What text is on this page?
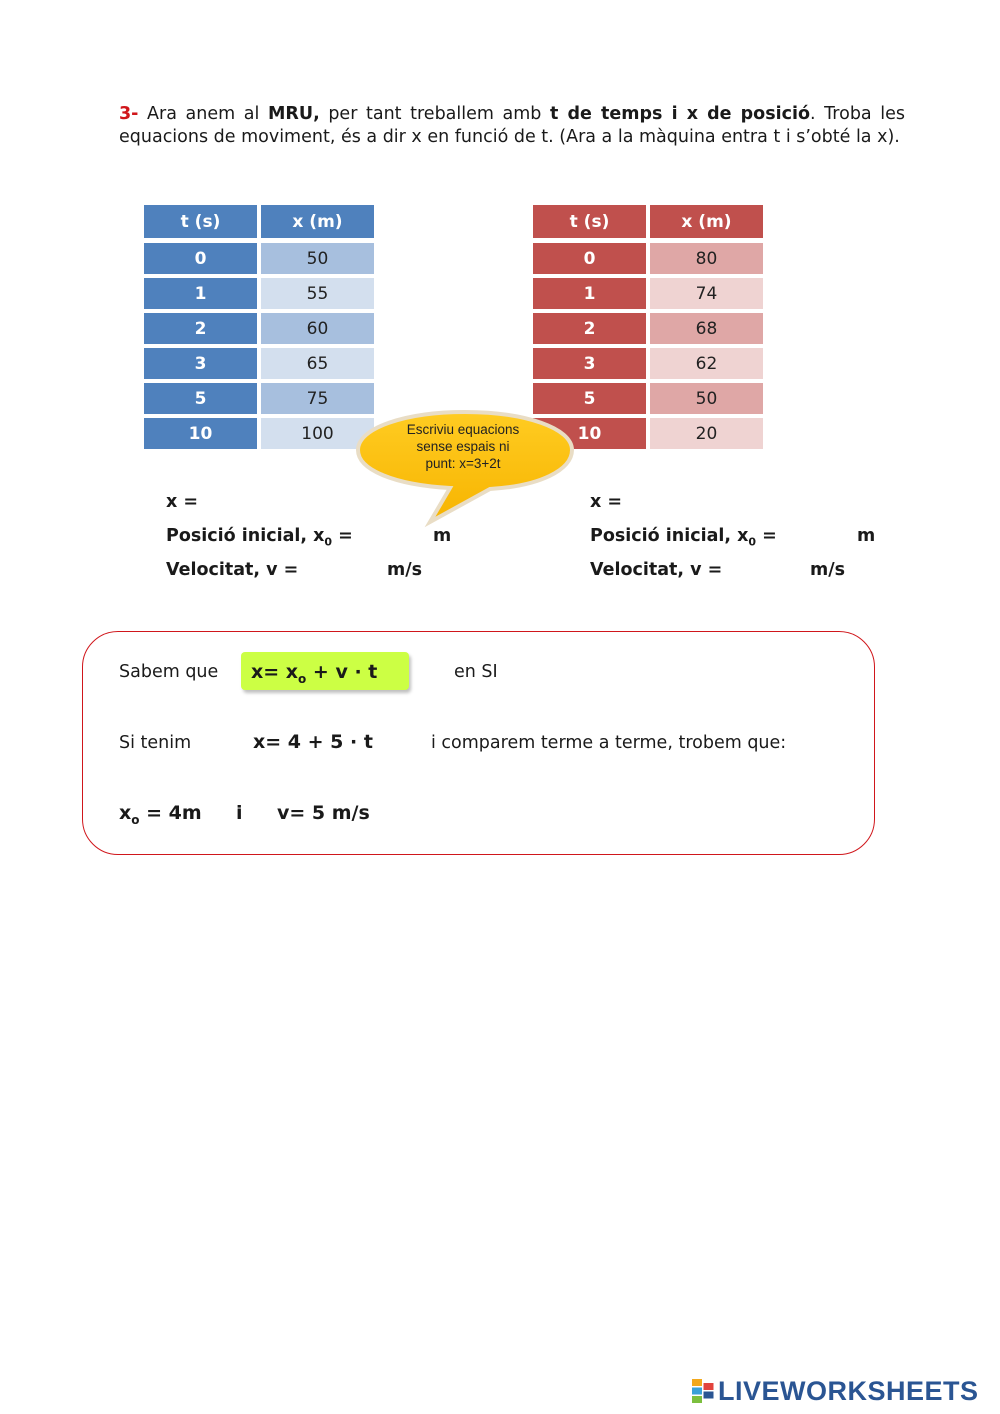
3- Ara anem al MRU, per tant treballem amb t de temps i x de posició. Troba les equacions de moviment, és a dir x en funció de t. (Ara a la màquina entra t i s’obté la x).

t (s)	x (m)
0	50
1	55
2	60
3	65
5	75
10	100
t (s)	x (m)
0	80
1	74
2	68
3	62
5	50
10	20
Escriviu equacions
sense espais ni
punt: x=3+2t

x =

Posició inicial, $x_0$ =	m

Velocitat, v =	m/s

x =

Posició inicial, $x_0$ =	m

Velocitat, v =	m/s

Sabem que $x= x_o + v \cdot t$	en SI

Si tenim	x= 4 + 5 · t	i comparem terme a terme, trobem que:

$x_o = 4m$ i v= 5 m/s

LIVEWORKSHEETS
